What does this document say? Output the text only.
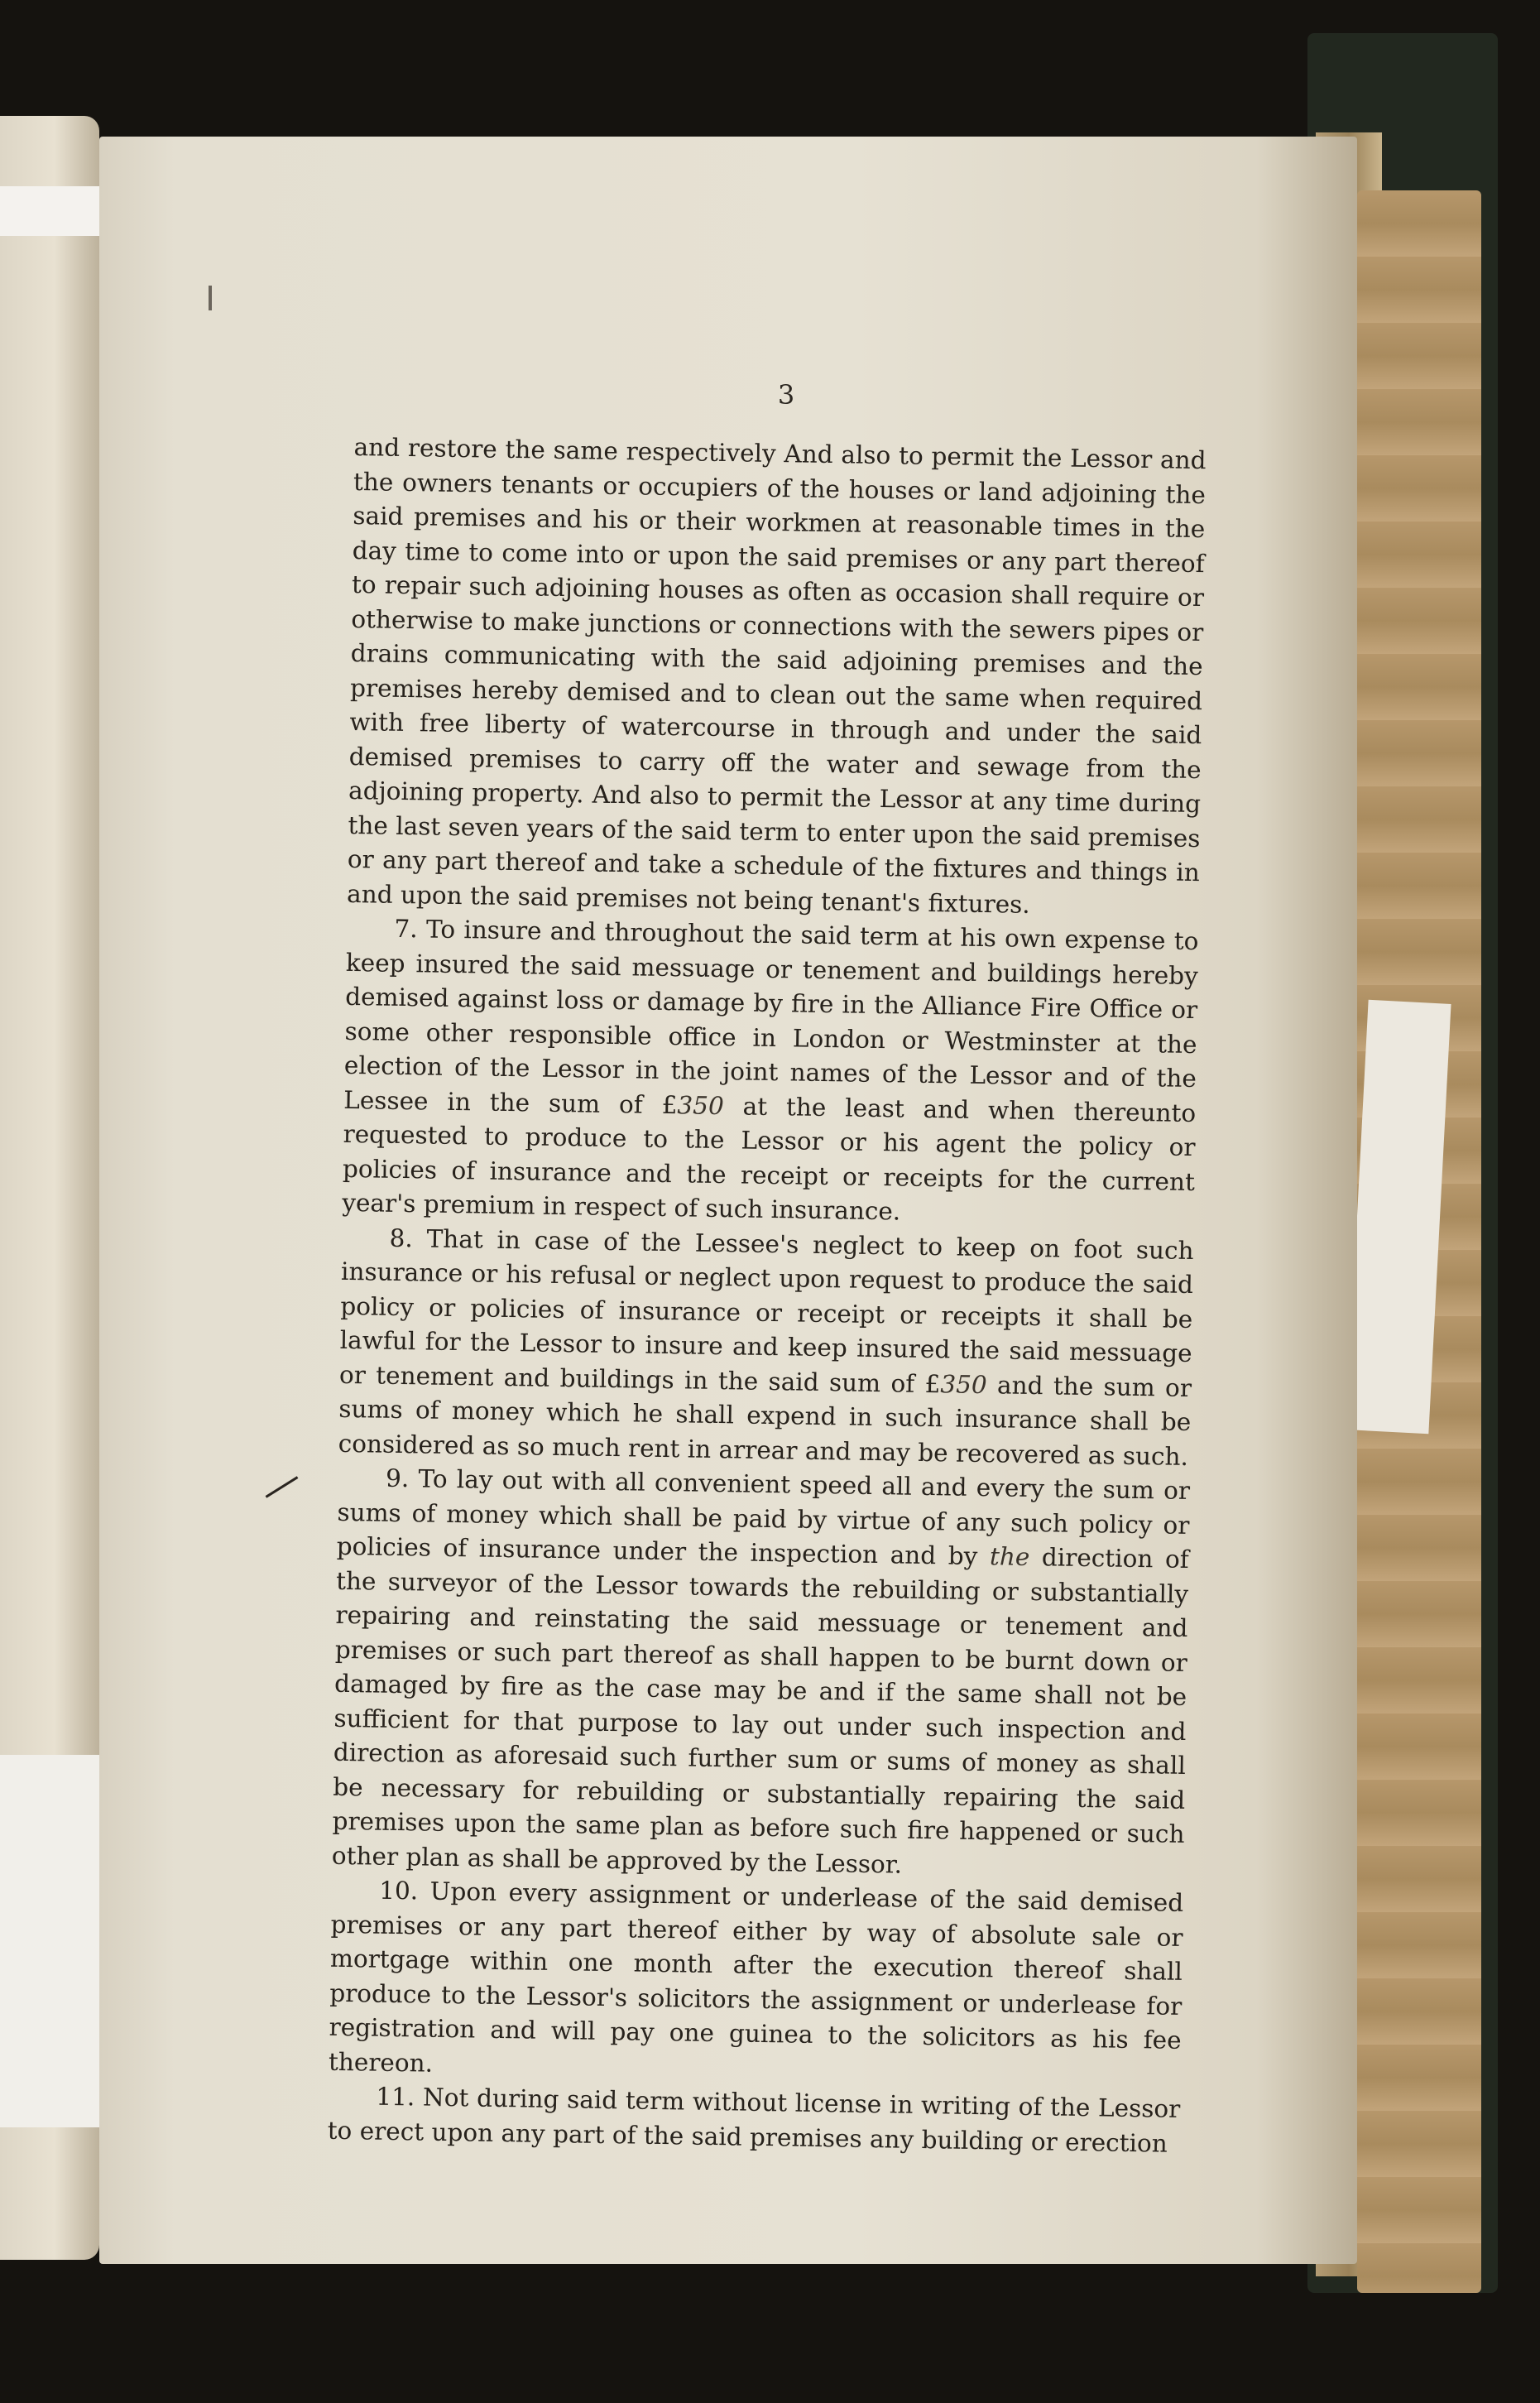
3

and restore the same respectively And also to permit the Lessor and the owners tenants or occupiers of the houses or land adjoining the said premises and his or their workmen at reasonable times in the day time to come into or upon the said premises or any part thereof to repair such adjoining houses as often as occasion shall require or otherwise to make junctions or connections with the sewers pipes or drains communicating with the said adjoining premises and the premises hereby demised and to clean out the same when required with free liberty of watercourse in through and under the said demised premises to carry off the water and sewage from the adjoining property. And also to permit the Lessor at any time during the last seven years of the said term to enter upon the said premises or any part thereof and take a schedule of the fixtures and things in and upon the said premises not being tenant's fixtures.

7. To insure and throughout the said term at his own expense to keep insured the said messuage or tenement and buildings hereby demised against loss or damage by fire in the Alliance Fire Office or some other responsible office in London or Westminster at the election of the Lessor in the joint names of the Lessor and of the Lessee in the sum of £350 at the least and when thereunto requested to produce to the Lessor or his agent the policy or policies of insurance and the receipt or receipts for the current year's premium in respect of such insurance.

8. That in case of the Lessee's neglect to keep on foot such insurance or his refusal or neglect upon request to produce the said policy or policies of insurance or receipt or receipts it shall be lawful for the Lessor to insure and keep insured the said messuage or tenement and buildings in the said sum of £350 and the sum or sums of money which he shall expend in such insurance shall be considered as so much rent in arrear and may be recovered as such.

9. To lay out with all convenient speed all and every the sum or sums of money which shall be paid by virtue of any such policy or policies of insurance under the inspection and by the direction of the surveyor of the Lessor towards the rebuilding or substantially repairing and reinstating the said messuage or tenement and premises or such part thereof as shall happen to be burnt down or damaged by fire as the case may be and if the same shall not be sufficient for that purpose to lay out under such inspection and direction as aforesaid such further sum or sums of money as shall be necessary for rebuilding or substantially repairing the said premises upon the same plan as before such fire happened or such other plan as shall be approved by the Lessor.

10. Upon every assignment or underlease of the said demised premises or any part thereof either by way of absolute sale or mortgage within one month after the execution thereof shall produce to the Lessor's solicitors the assignment or underlease for registration and will pay one guinea to the solicitors as his fee thereon.

11. Not during said term without license in writing of the Lessor to erect upon any part of the said premises any building or erection
